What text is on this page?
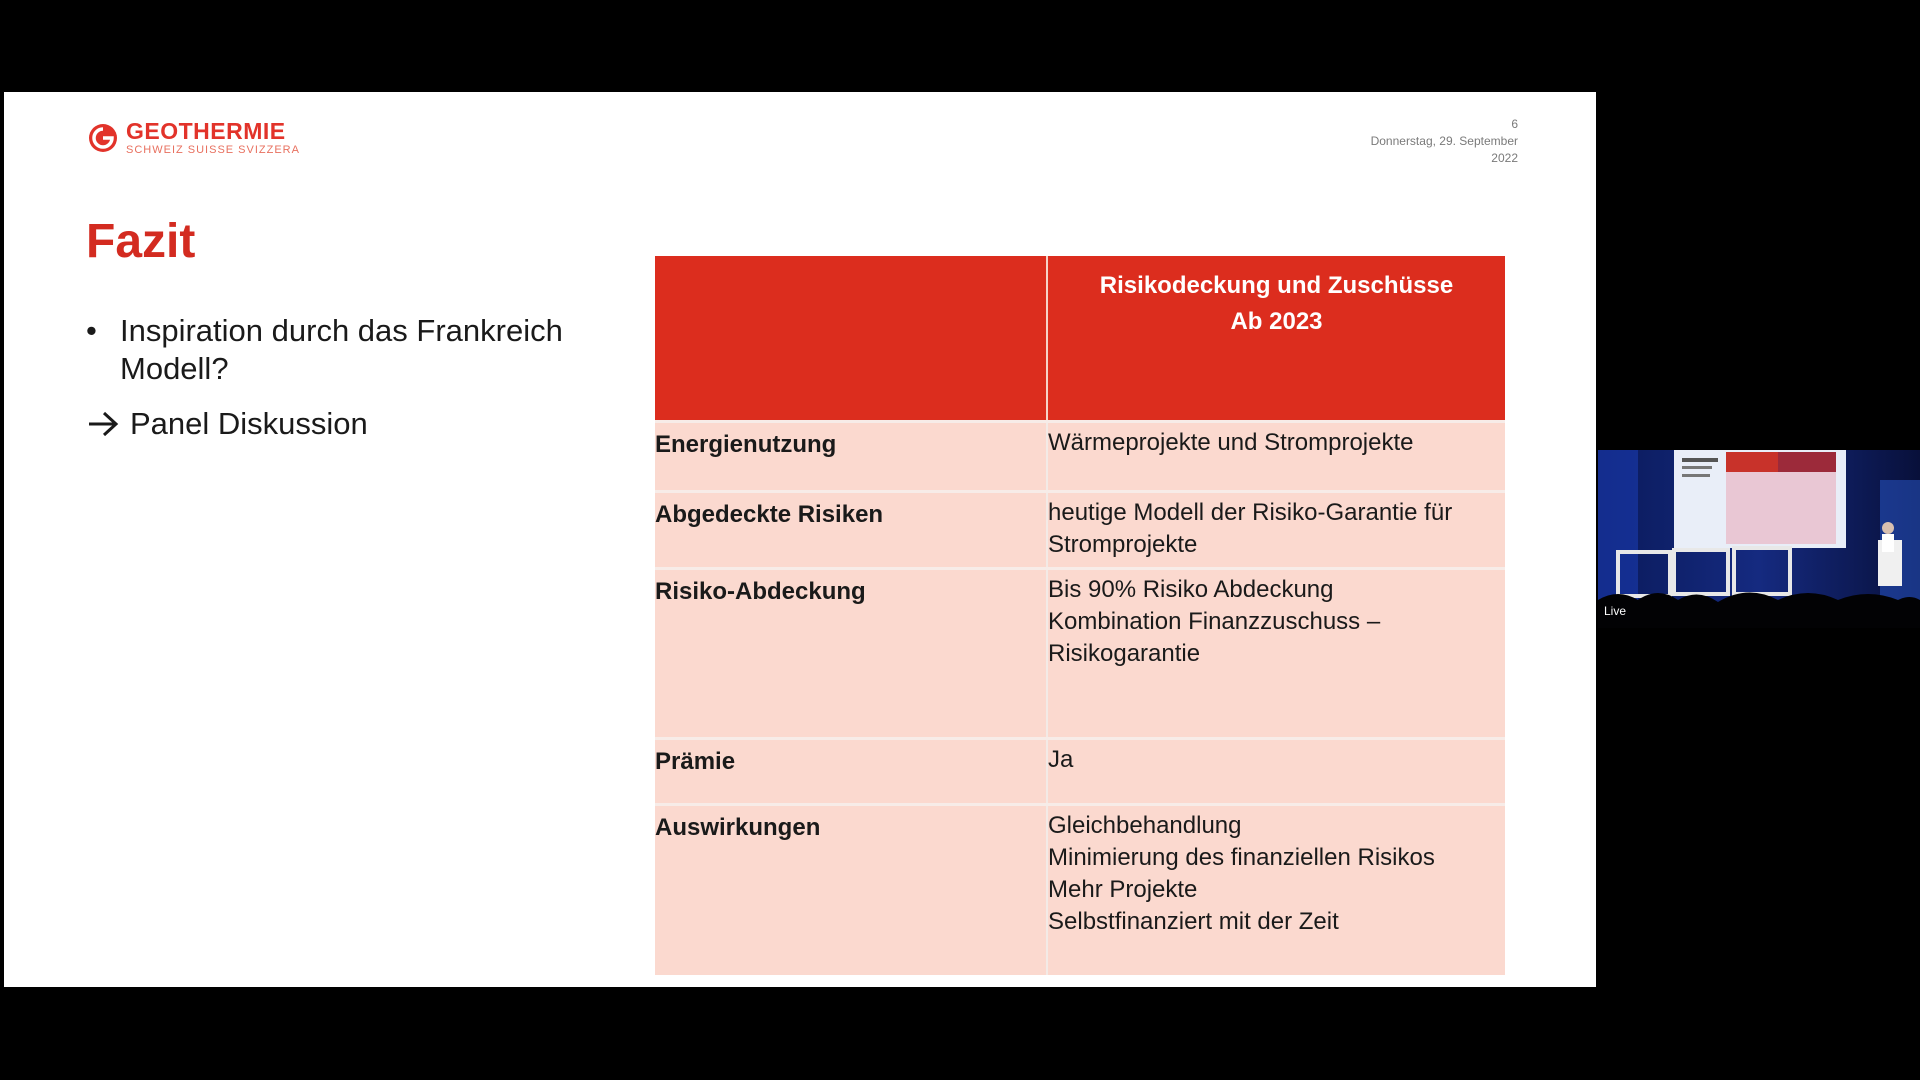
GEOTHERMIE
SCHWEIZ SUISSE SVIZZERA
6
Donnerstag, 29. September
2022
Fazit
• Inspiration durch das Frankreich Modell?
Panel Diskussion

	Risikodeckung und Zuschüsse
Ab 2023

Energienutzung	Wärmeprojekte und Stromprojekte

Abgedeckte Risiken	heutige Modell der Risiko-Garantie für
Stromprojekte

Risiko-Abdeckung	Bis 90% Risiko Abdeckung
Kombination Finanzzuschuss –
Risikogarantie

Prämie	Ja

Auswirkungen	Gleichbehandlung
Minimierung des finanziellen Risikos
Mehr Projekte
Selbstfinanziert mit der Zeit
Live
